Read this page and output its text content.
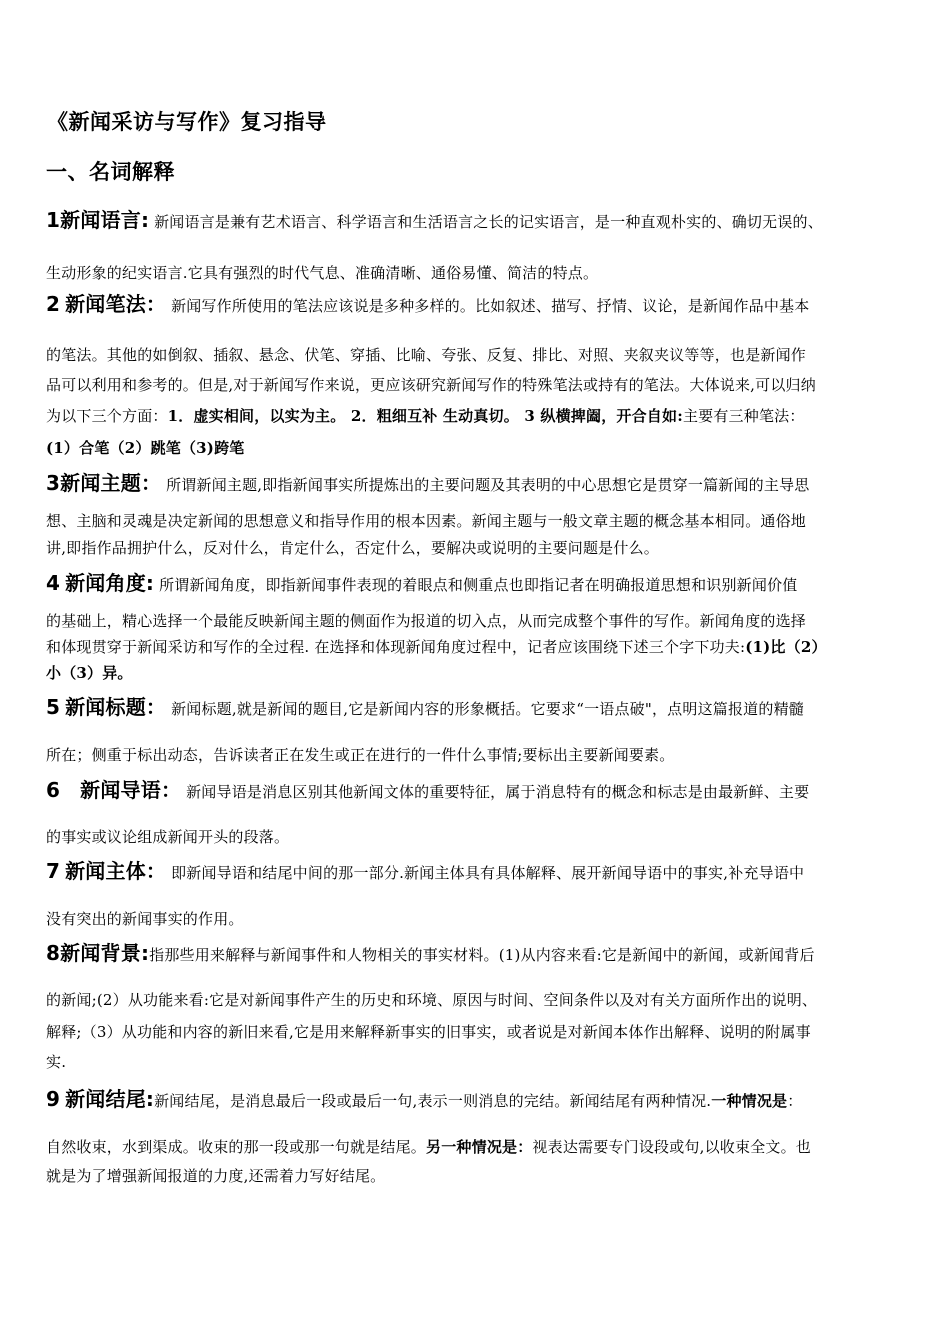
《新闻采访与写作》复习指导
一、名词解释
1新闻语言: 新闻语言是兼有艺术语言、科学语言和生活语言之长的记实语言，是一种直观朴实的、确切无误的、
生动形象的纪实语言.它具有强烈的时代气息、准确清晰、通俗易懂、简洁的特点。
2 新闻笔法： 新闻写作所使用的笔法应该说是多种多样的。比如叙述、描写、抒情、议论，是新闻作品中基本
的笔法。其他的如倒叙、插叙、悬念、伏笔、穿插、比喻、夸张、反复、排比、对照、夹叙夹议等等，也是新闻作
品可以利用和参考的。但是,对于新闻写作来说，更应该研究新闻写作的特殊笔法或持有的笔法。大体说来,可以归纳
为以下三个方面：1．虚实相间，以实为主。 2．粗细互补 生动真切。 3 纵横捭阖，开合自如:主要有三种笔法：
(1）合笔（2）跳笔（3)跨笔
3新闻主题： 所谓新闻主题,即指新闻事实所提炼出的主要问题及其表明的中心思想它是贯穿一篇新闻的主导思
想、主脑和灵魂是决定新闻的思想意义和指导作用的根本因素。新闻主题与一般文章主题的概念基本相同。通俗地
讲,即指作品拥护什么，反对什么，肯定什么，否定什么，要解决或说明的主要问题是什么。
4 新闻角度: 所谓新闻角度，即指新闻事件表现的着眼点和侧重点也即指记者在明确报道思想和识别新闻价值
的基础上，精心选择一个最能反映新闻主题的侧面作为报道的切入点，从而完成整个事件的写作。新闻角度的选择
和体现贯穿于新闻采访和写作的全过程. 在选择和体现新闻角度过程中，记者应该围绕下述三个字下功夫:(1)比（2）
小（3）异。
5 新闻标题： 新闻标题,就是新闻的题目,它是新闻内容的形象概括。它要求“一语点破"，点明这篇报道的精髓
所在；侧重于标出动态，告诉读者正在发生或正在进行的一件什么事情;要标出主要新闻要素。
6 新闻导语： 新闻导语是消息区别其他新闻文体的重要特征，属于消息特有的概念和标志是由最新鲜、主要
的事实或议论组成新闻开头的段落。
7 新闻主体： 即新闻导语和结尾中间的那一部分.新闻主体具有具体解释、展开新闻导语中的事实,补充导语中
没有突出的新闻事实的作用。
8新闻背景:指那些用来解释与新闻事件和人物相关的事实材料。(1)从内容来看:它是新闻中的新闻，或新闻背后
的新闻;(2）从功能来看:它是对新闻事件产生的历史和环境、原因与时间、空间条件以及对有关方面所作出的说明、
解释;（3）从功能和内容的新旧来看,它是用来解释新事实的旧事实，或者说是对新闻本体作出解释、说明的附属事
实.
9 新闻结尾:新闻结尾，是消息最后一段或最后一句,表示一则消息的完结。新闻结尾有两种情况.一种情况是：
自然收束，水到渠成。收束的那一段或那一句就是结尾。另一种情况是：视表达需要专门设段或句,以收束全文。也
就是为了增强新闻报道的力度,还需着力写好结尾。
